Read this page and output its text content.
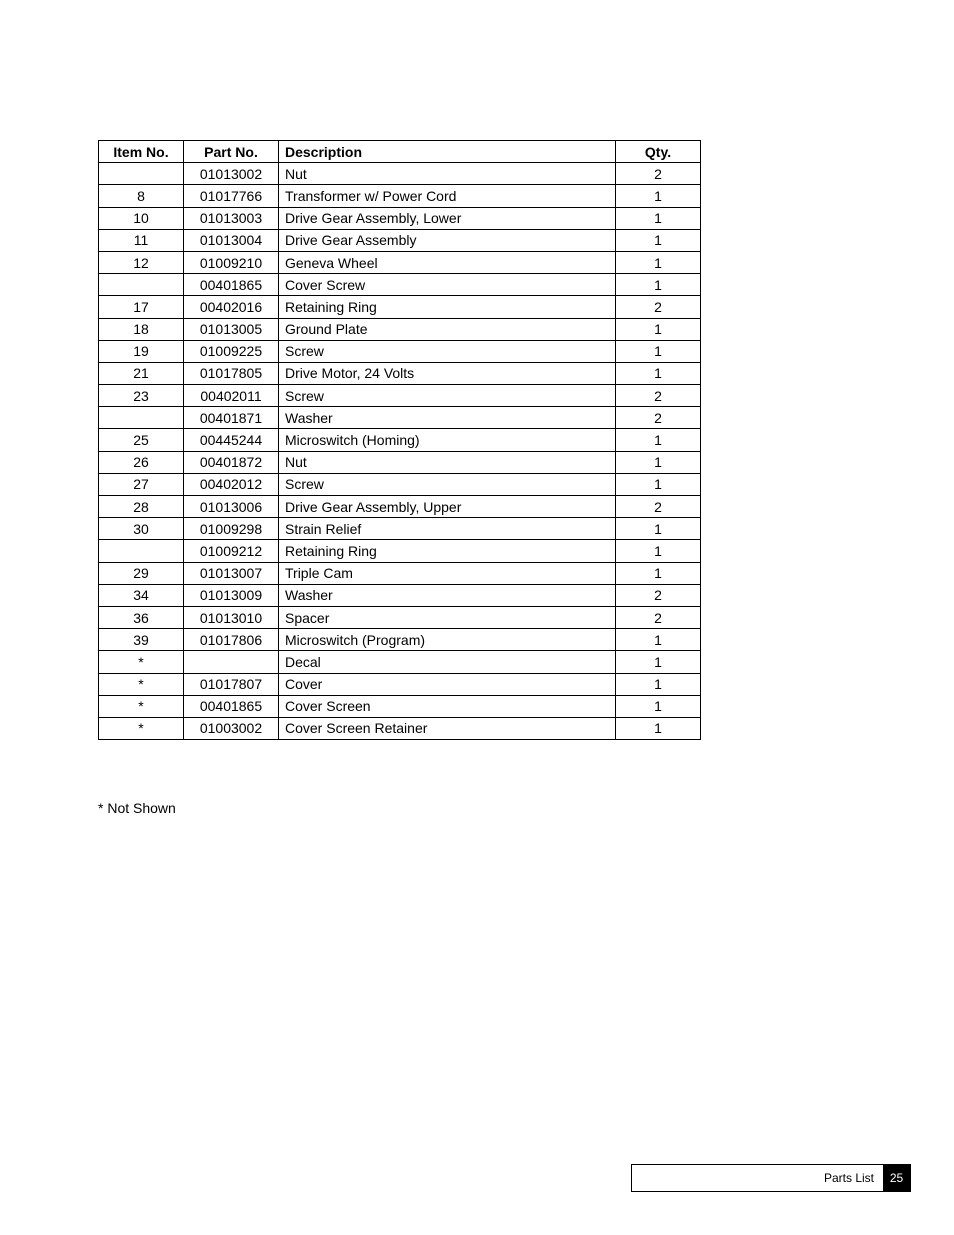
Item No.	Part No.	Description	Qty.
	01013002	Nut	2
8	01017766	Transformer w/ Power Cord	1
10	01013003	Drive Gear Assembly, Lower	1
11	01013004	Drive Gear Assembly	1
12	01009210	Geneva Wheel	1
	00401865	Cover Screw	1
17	00402016	Retaining Ring	2
18	01013005	Ground Plate	1
19	01009225	Screw	1
21	01017805	Drive Motor, 24 Volts	1
23	00402011	Screw	2
	00401871	Washer	2
25	00445244	Microswitch (Homing)	1
26	00401872	Nut	1
27	00402012	Screw	1
28	01013006	Drive Gear Assembly, Upper	2
30	01009298	Strain Relief	1
	01009212	Retaining Ring	1
29	01013007	Triple Cam	1
34	01013009	Washer	2
36	01013010	Spacer	2
39	01017806	Microswitch (Program)	1
*		Decal	1
*	01017807	Cover	1
*	00401865	Cover Screen	1
*	01003002	Cover Screen Retainer	1
* Not Shown
Parts List	25
